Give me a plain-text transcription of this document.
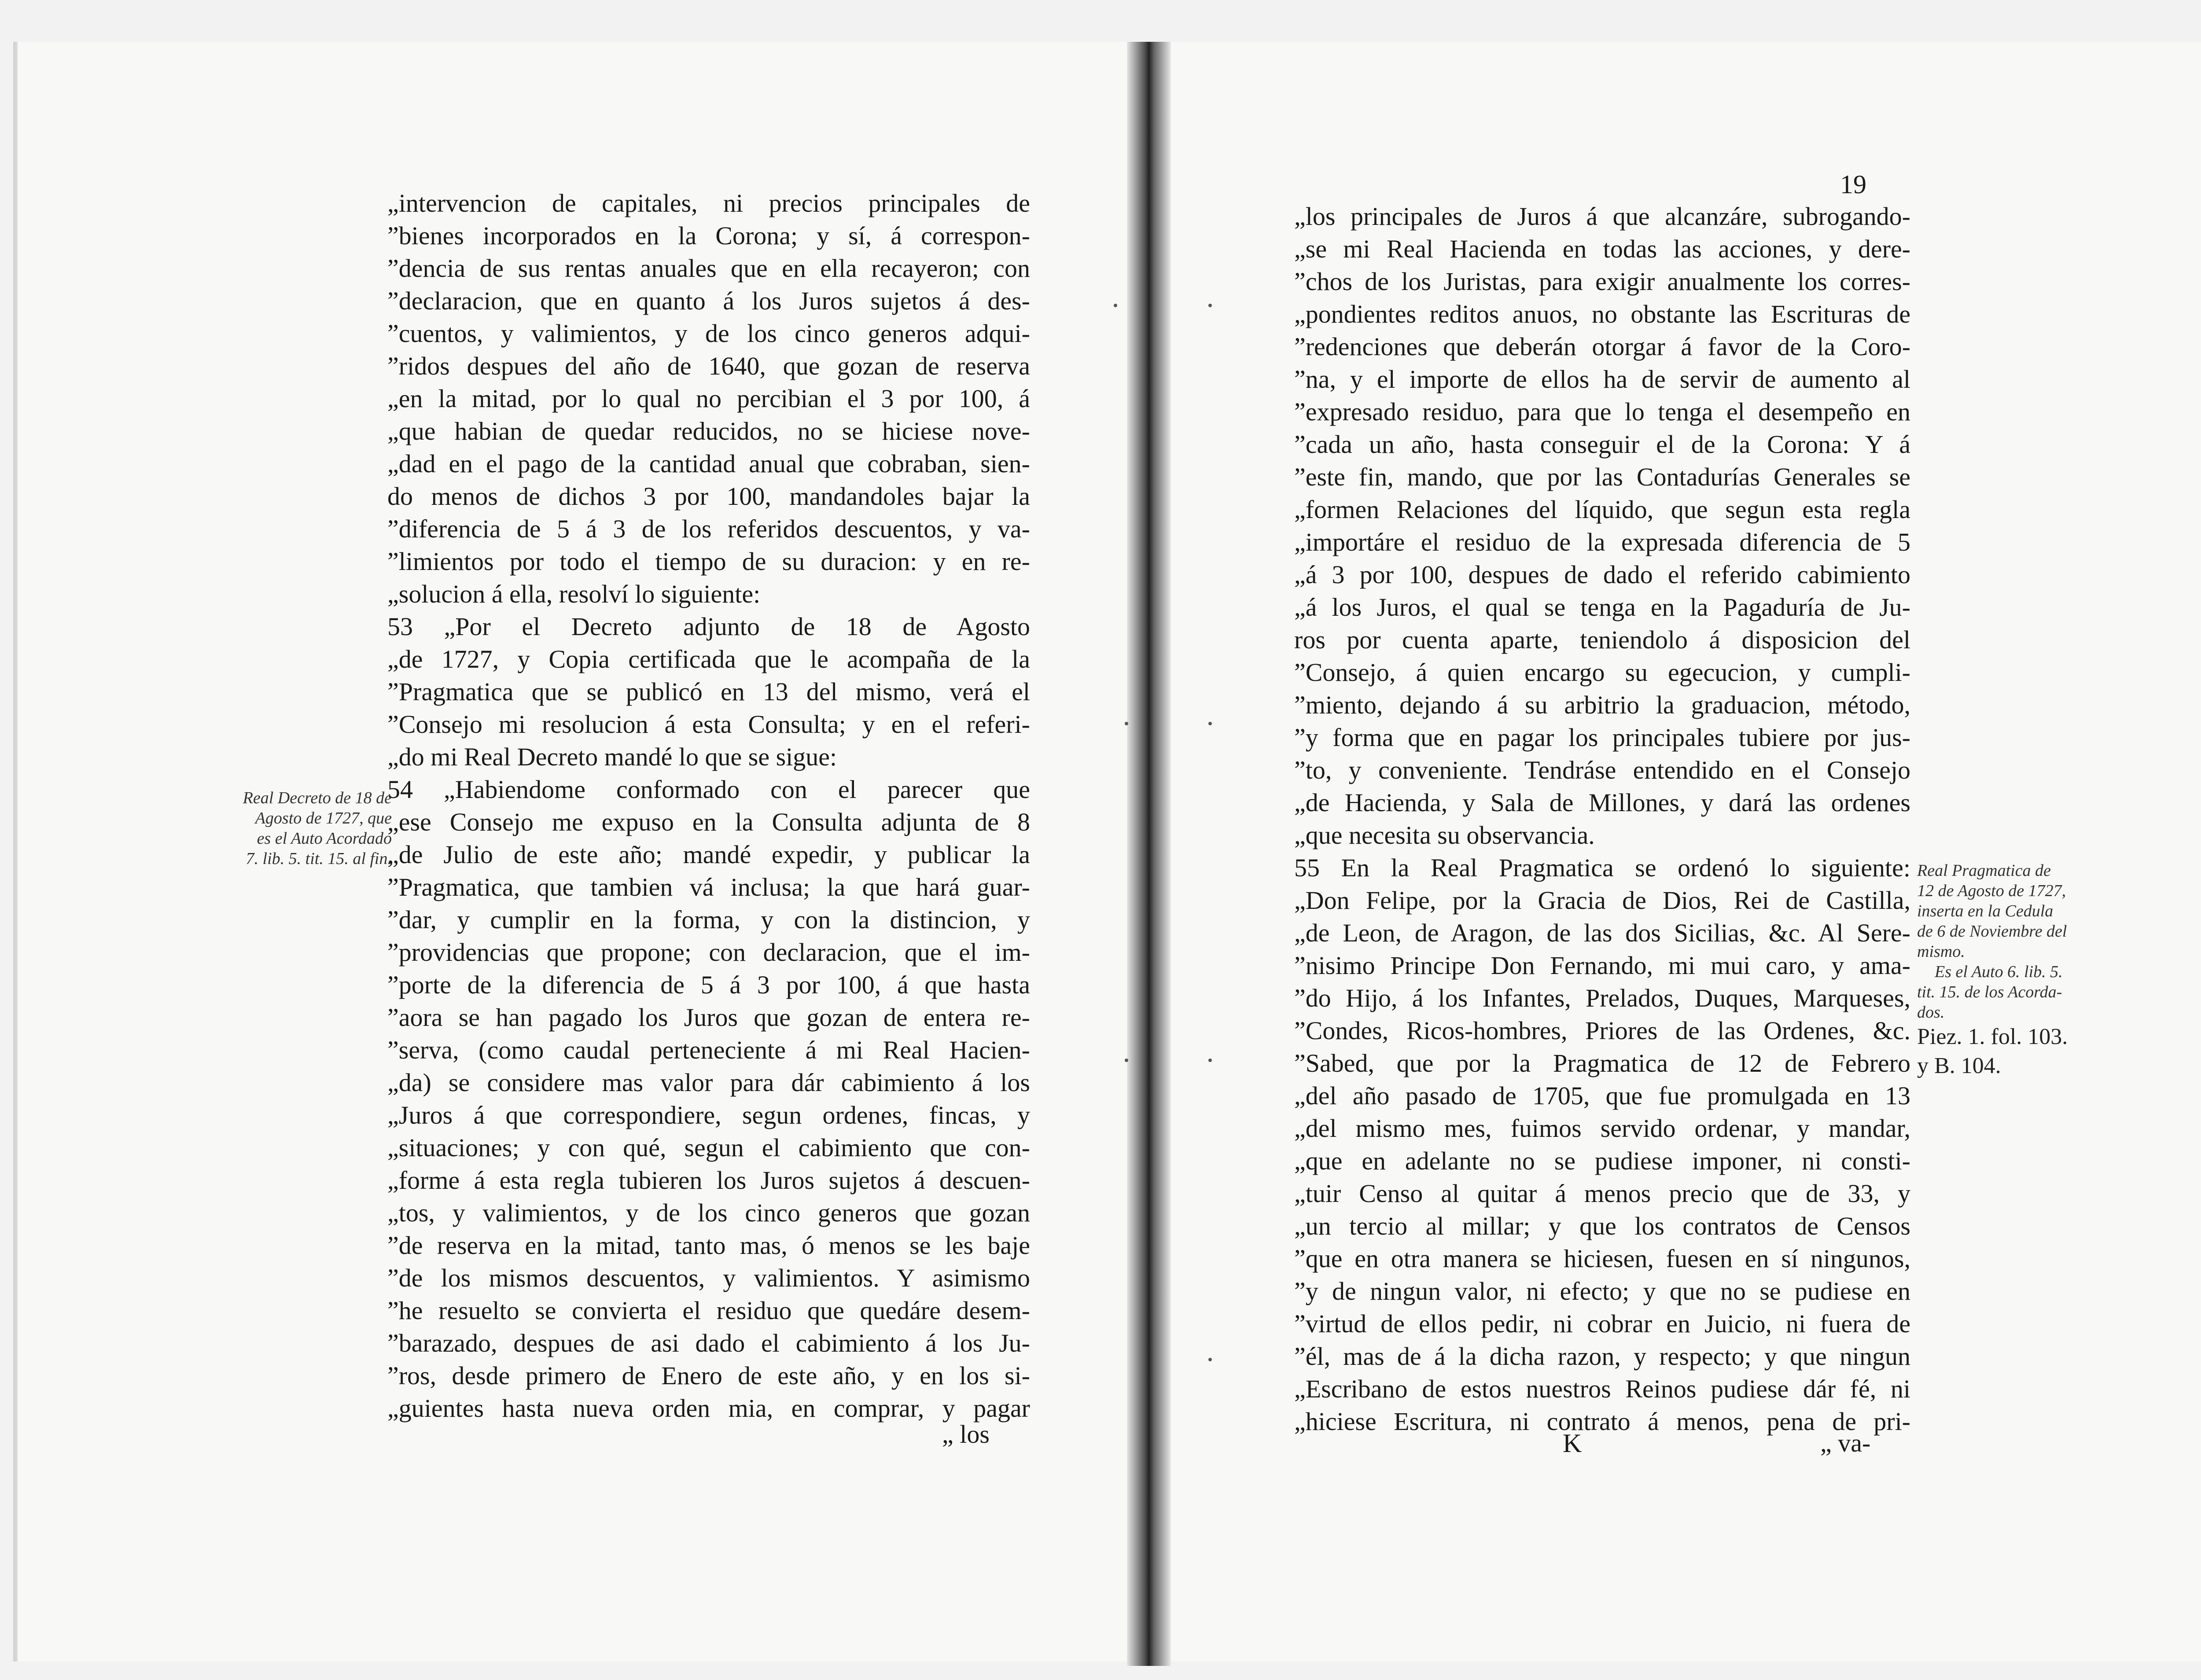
„intervencion de capitales, ni precios principales de
”bienes incorporados en la Corona; y sí, á correspon-
”dencia de sus rentas anuales que en ella recayeron; con
”declaracion, que en quanto á los Juros sujetos á des-
”cuentos, y valimientos, y de los cinco generos adqui-
”ridos despues del año de 1640, que gozan de reserva
„en la mitad, por lo qual no percibian el 3 por 100, á
„que habian de quedar reducidos, no se hiciese nove-
„dad en el pago de la cantidad anual que cobraban, sien-
do menos de dichos 3 por 100, mandandoles bajar la
”diferencia de 5 á 3 de los referidos descuentos, y va-
”limientos por todo el tiempo de su duracion: y en re-
„solucion á ella, resolví lo siguiente:
53 „Por el Decreto adjunto de 18 de Agosto
„de 1727, y Copia certificada que le acompaña de la
”Pragmatica que se publicó en 13 del mismo, verá el
”Consejo mi resolucion á esta Consulta; y en el referi-
„do mi Real Decreto mandé lo que se sigue:
54 „Habiendome conformado con el parecer que
„ese Consejo me expuso en la Consulta adjunta de 8
„de Julio de este año; mandé expedir, y publicar la
”Pragmatica, que tambien vá inclusa; la que hará guar-
”dar, y cumplir en la forma, y con la distincion, y
”providencias que propone; con declaracion, que el im-
”porte de la diferencia de 5 á 3 por 100, á que hasta
”aora se han pagado los Juros que gozan de entera re-
”serva, (como caudal perteneciente á mi Real Hacien-
„da) se considere mas valor para dár cabimiento á los
„Juros á que correspondiere, segun ordenes, fincas, y
„situaciones; y con qué, segun el cabimiento que con-
„forme á esta regla tubieren los Juros sujetos á descuen-
„tos, y valimientos, y de los cinco generos que gozan
”de reserva en la mitad, tanto mas, ó menos se les baje
”de los mismos descuentos, y valimientos. Y asimismo
”he resuelto se convierta el residuo que quedáre desem-
”barazado, despues de asi dado el cabimiento á los Ju-
”ros, desde primero de Enero de este año, y en los si-
„guientes hasta nueva orden mia, en comprar, y pagar
„ los
Real Decreto de 18 de
Agosto de 1727, que
es el Auto Acordado
7. lib. 5. tit. 15. al fin.
19
„los principales de Juros á que alcanzáre, subrogando-
„se mi Real Hacienda en todas las acciones, y dere-
”chos de los Juristas, para exigir anualmente los corres-
„pondientes reditos anuos, no obstante las Escrituras de
”redenciones que deberán otorgar á favor de la Coro-
”na, y el importe de ellos ha de servir de aumento al
”expresado residuo, para que lo tenga el desempeño en
”cada un año, hasta conseguir el de la Corona: Y á
”este fin, mando, que por las Contadurías Generales se
„formen Relaciones del líquido, que segun esta regla
„importáre el residuo de la expresada diferencia de 5
„á 3 por 100, despues de dado el referido cabimiento
„á los Juros, el qual se tenga en la Pagaduría de Ju-
ros por cuenta aparte, teniendolo á disposicion del
”Consejo, á quien encargo su egecucion, y cumpli-
”miento, dejando á su arbitrio la graduacion, método,
”y forma que en pagar los principales tubiere por jus-
”to, y conveniente. Tendráse entendido en el Consejo
„de Hacienda, y Sala de Millones, y dará las ordenes
„que necesita su observancia.
55 En la Real Pragmatica se ordenó lo siguiente:
„Don Felipe, por la Gracia de Dios, Rei de Castilla,
„de Leon, de Aragon, de las dos Sicilias, &c. Al Sere-
”nisimo Principe Don Fernando, mi mui caro, y ama-
”do Hijo, á los Infantes, Prelados, Duques, Marqueses,
”Condes, Ricos-hombres, Priores de las Ordenes, &c.
”Sabed, que por la Pragmatica de 12 de Febrero
„del año pasado de 1705, que fue promulgada en 13
„del mismo mes, fuimos servido ordenar, y mandar,
„que en adelante no se pudiese imponer, ni consti-
„tuir Censo al quitar á menos precio que de 33, y
„un tercio al millar; y que los contratos de Censos
”que en otra manera se hiciesen, fuesen en sí ningunos,
”y de ningun valor, ni efecto; y que no se pudiese en
”virtud de ellos pedir, ni cobrar en Juicio, ni fuera de
”él, mas de á la dicha razon, y respecto; y que ningun
„Escribano de estos nuestros Reinos pudiese dár fé, ni
„hiciese Escritura, ni contrato á menos, pena de pri-
K	„ va-
Real Pragmatica de
12 de Agosto de 1727,
inserta en la Cedula
de 6 de Noviembre del
mismo.
Es el Auto 6. lib. 5.
tit. 15. de los Acorda-
dos.
Piez. 1. fol. 103.
y B. 104.
